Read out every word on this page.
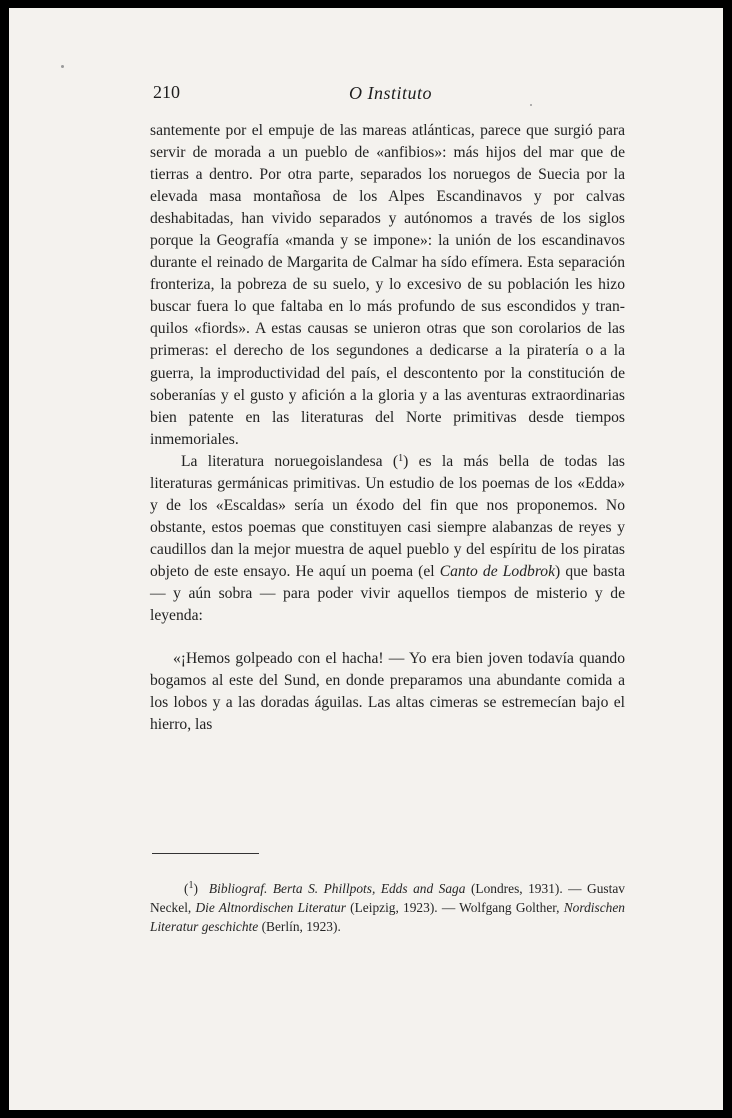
210	O Instituto

santemente por el empuje de las mareas atlánticas, parece que surgió para servir de morada a un pueblo de «anfibios»: más hijos del mar que de tierras a dentro. Por otra parte, separados los noruegos de Suecia por la elevada masa montañosa de los Alpes Escandinavos y por calvas deshabitadas, han vivido separados y autónomos a través de los siglos porque la Geografía «manda y se impone»: la unión de los escandinavos durante el reinado de Margarita de Calmar ha sído efímera. Esta separación fronteriza, la pobreza de su suelo, y lo excesivo de su población les hizo buscar fuera lo que faltaba en lo más profundo de sus escondidos y tranquilos «fiords». A estas causas se unieron otras que son corolarios de las primeras: el derecho de los segundones a dedicarse a la piratería o a la guerra, la improductividad del país, el descontento por la constitución de soberanías y el gusto y afición a la gloria y a las aventuras extraordinarias bien patente en las literaturas del Norte primitivas desde tiempos inmemoriales.

La literatura noruegoislandesa ($^1$) es la más bella de todas las literaturas germánicas primitivas. Un estudio de los poemas de los «Edda» y de los «Escaldas» sería un éxodo del fin que nos proponemos. No obstante, estos poemas que constituyen casi siempre alabanzas de reyes y caudillos dan la mejor muestra de aquel pueblo y del espíritu de los piratas objeto de este ensayo. He aquí un poema (el Canto de Lodbrok) que basta — y aún sobra — para poder vivir aquellos tiempos de misterio y de leyenda:

«¡Hemos golpeado con el hacha! — Yo era bien joven todavía quando bogamos al este del Sund, en donde preparamos una abundante comida a los lobos y a las doradas águilas. Las altas cimeras se estremecían bajo el hierro, las

($^1$) Bibliograf. Berta S. Phillpots, Edds and Saga (Londres, 1931). — Gustav Neckel, Die Altnordischen Literatur (Leipzig, 1923). — Wolfgang Golther, Nordischen Literatur geschichte (Berlín, 1923).
